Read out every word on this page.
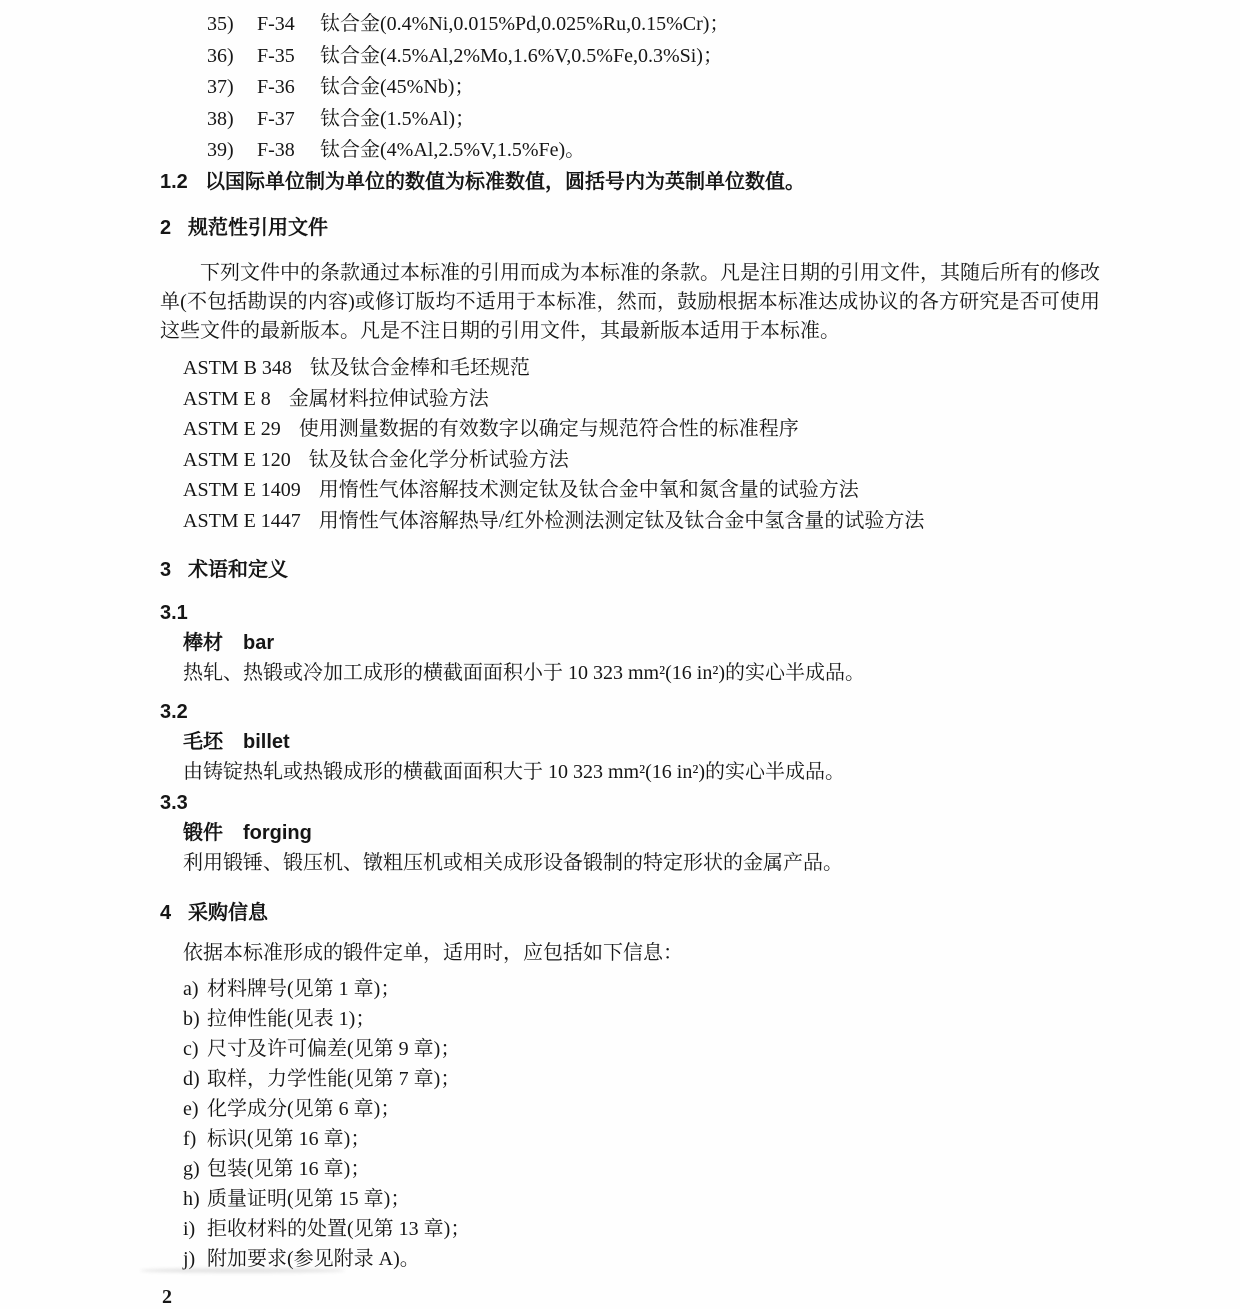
35) F-34 钛合金(0.4%Ni,0.015%Pd,0.025%Ru,0.15%Cr)；
36) F-35 钛合金(4.5%Al,2%Mo,1.6%V,0.5%Fe,0.3%Si)；
37) F-36 钛合金(45%Nb)；
38) F-37 钛合金(1.5%Al)；
39) F-38 钛合金(4%Al,2.5%V,1.5%Fe)。
1.2 以国际单位制为单位的数值为标准数值，圆括号内为英制单位数值。
2 规范性引用文件

下列文件中的条款通过本标准的引用而成为本标准的条款。凡是注日期的引用文件，其随后所有的修改单(不包括勘误的内容)或修订版均不适用于本标准，然而，鼓励根据本标准达成协议的各方研究是否可使用这些文件的最新版本。凡是不注日期的引用文件，其最新版本适用于本标准。

ASTM B 348 钛及钛合金棒和毛坯规范
ASTM E 8 金属材料拉伸试验方法
ASTM E 29 使用测量数据的有效数字以确定与规范符合性的标准程序
ASTM E 120 钛及钛合金化学分析试验方法
ASTM E 1409 用惰性气体溶解技术测定钛及钛合金中氧和氮含量的试验方法
ASTM E 1447 用惰性气体溶解热导/红外检测法测定钛及钛合金中氢含量的试验方法
3 术语和定义
3.1
棒材 bar
热轧、热锻或冷加工成形的横截面面积小于 10 323 mm²(16 in²)的实心半成品。
3.2
毛坯 billet
由铸锭热轧或热锻成形的横截面面积大于 10 323 mm²(16 in²)的实心半成品。
3.3
锻件 forging
利用锻锤、锻压机、镦粗压机或相关成形设备锻制的特定形状的金属产品。
4 采购信息

依据本标准形成的锻件定单，适用时，应包括如下信息：

a) 材料牌号(见第 1 章)；
b) 拉伸性能(见表 1)；
c) 尺寸及许可偏差(见第 9 章)；
d) 取样，力学性能(见第 7 章)；
e) 化学成分(见第 6 章)；
f) 标识(见第 16 章)；
g) 包装(见第 16 章)；
h) 质量证明(见第 15 章)；
i) 拒收材料的处置(见第 13 章)；
j) 附加要求(参见附录 A)。
2
